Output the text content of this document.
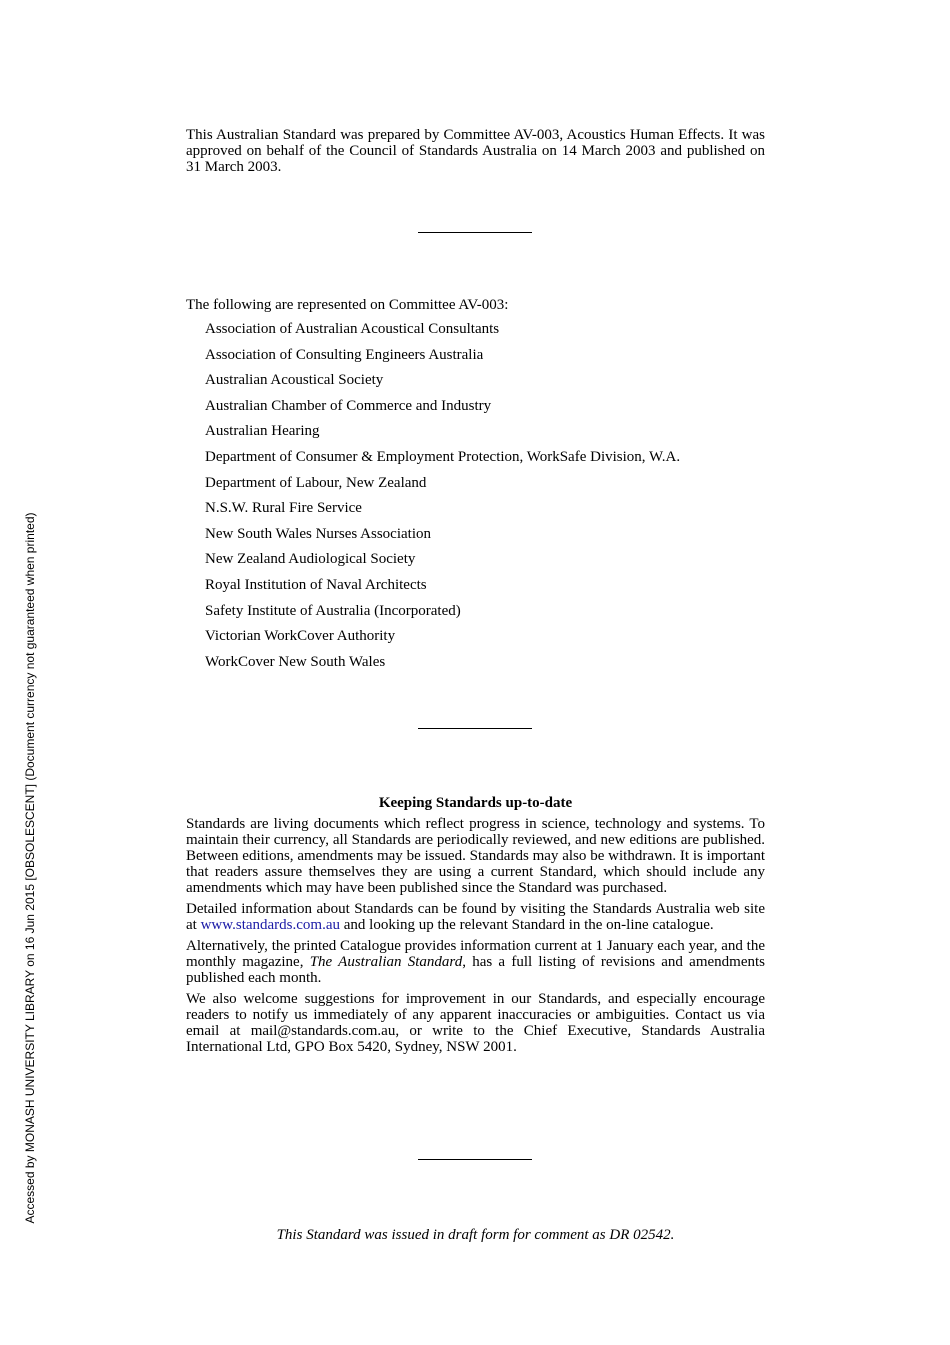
This Australian Standard was prepared by Committee AV-003, Acoustics Human Effects. It was approved on behalf of the Council of Standards Australia on 14 March 2003 and published on 31 March 2003.
The following are represented on Committee AV-003:
Association of Australian Acoustical Consultants
Association of Consulting Engineers Australia
Australian Acoustical Society
Australian Chamber of Commerce and Industry
Australian Hearing
Department of Consumer & Employment Protection, WorkSafe Division, W.A.
Department of Labour, New Zealand
N.S.W. Rural Fire Service
New South Wales Nurses Association
New Zealand Audiological Society
Royal Institution of Naval Architects
Safety Institute of Australia (Incorporated)
Victorian WorkCover Authority
WorkCover New South Wales
Keeping Standards up-to-date

Standards are living documents which reflect progress in science, technology and systems. To maintain their currency, all Standards are periodically reviewed, and new editions are published. Between editions, amendments may be issued. Standards may also be withdrawn. It is important that readers assure themselves they are using a current Standard, which should include any amendments which may have been published since the Standard was purchased.

Detailed information about Standards can be found by visiting the Standards Australia web site at www.standards.com.au and looking up the relevant Standard in the on-line catalogue.

Alternatively, the printed Catalogue provides information current at 1 January each year, and the monthly magazine, The Australian Standard, has a full listing of revisions and amendments published each month.

We also welcome suggestions for improvement in our Standards, and especially encourage readers to notify us immediately of any apparent inaccuracies or ambiguities. Contact us via email at mail@standards.com.au, or write to the Chief Executive, Standards Australia International Ltd, GPO Box 5420, Sydney, NSW 2001.

This Standard was issued in draft form for comment as DR 02542.
Accessed by MONASH UNIVERSITY LIBRARY on 16 Jun 2015 [OBSOLESCENT] (Document currency not guaranteed when printed)
